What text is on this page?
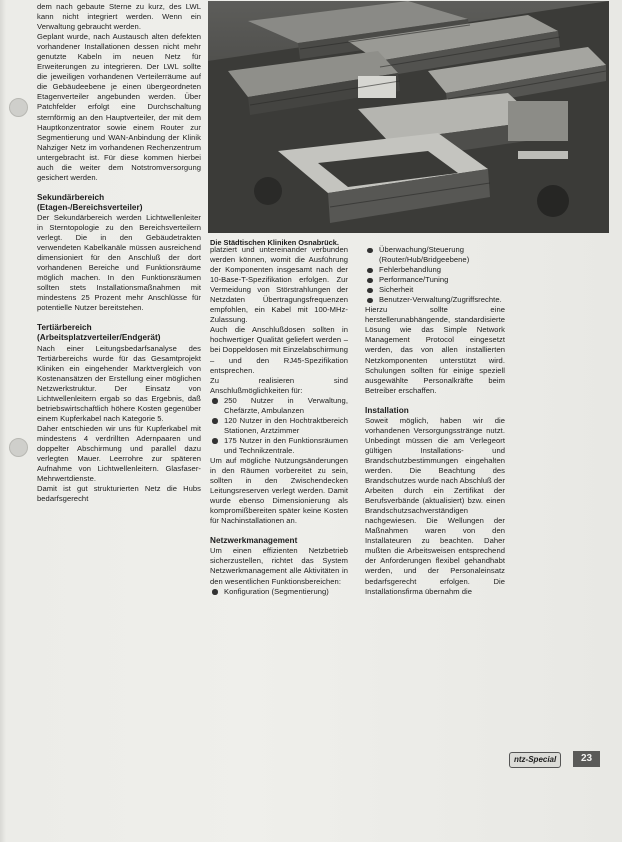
dem nach gebaute Sterne zu kurz, des LWL kann nicht integriert werden. Wenn ein Verwaltung gebraucht werden.

Geplant wurde, nach Austausch alten defekten vorhandener Installationen dessen nicht mehr genutzte Kabeln im neuen Netz für Erweiterungen zu integrieren. Der LWL sollte die jeweiligen vorhandenen Verteilerräume auf die Gebäudeebene je einen übergeordneten Etagenverteiler angebunden werden. Über Patchfelder erfolgt eine Durchschaltung sternförmig an den Hauptverteiler, der mit dem Hauptkonzentrator sowie einem Router zur Segmentierung und WAN-Anbindung der Klinik Nahziger Netz im vorhandenen Rechenzentrum untergebracht ist. Für diese kommen hierbei auch die weiter dem Notstromversorgung gesichert werden.

Sekundärbereich (Etagen-/Bereichsverteiler)

Der Sekundärbereich werden Lichtwellenleiter in Sterntopologie zu den Bereichsverteilern verlegt. Die in den Gebäudetrakten verwendeten Kabelkanäle müssen ausreichend dimensioniert für den Anschluß der dort vorhandenen Bereiche und Funktionsräume möglich machen. In den Funktionsräumen sollten stets Installationsmaßnahmen mit mindestens 25 Prozent mehr Anschlüsse für potentielle Nutzer bereitstehen.

Tertiärbereich (Arbeitsplatzverteiler/Endgerät)

Nach einer Leitungsbedarfsanalyse des Tertiärbereichs wurde für das Gesamtprojekt Kliniken ein eingehender Marktvergleich von Kostenansätzen der Erstellung einer möglichen Netzwerkstruktur. Der Einsatz von Lichtwellenleitern ergab so das Ergebnis, daß betriebswirtschaftlich höhere Kosten gegenüber einem Kupferkabel nach Kategorie 5.

Daher entschieden wir uns für Kupferkabel mit mindestens 4 verdrillten Adernpaaren und doppelter Abschirmung und parallel dazu verlegten Mauer. Leerrohre zur späteren Aufnahme von Lichtwellenleitern. Glasfaser-Mehrwertdienste.

Damit ist gut strukturierten Netz die Hubs bedarfsgerecht

Die Städtischen Kliniken Osnabrück.

platziert und untereinander verbunden werden können, womit die Ausführung der Komponenten insgesamt nach der 10-Base-T-Spezifikation erfolgen. Zur Vermeidung von Störstrahlungen der Netzdaten Übertragungsfrequenzen empfohlen, ein Kabel mit 100-MHz-Zulassung.

Auch die Anschlußdosen sollten in hochwertiger Qualität geliefert werden – bei Doppeldosen mit Einzelabschirmung – und den RJ45-Spezifikation entsprechen.

Zu realisieren sind Anschlußmöglichkeiten für:

250 Nutzer in Verwaltung, Chefärzte, Ambulanzen
120 Nutzer in den Hochtraktbereich Stationen, Arztzimmer
175 Nutzer in den Funktionsräumen und Technikzentrale.

Um auf mögliche Nutzungsänderungen in den Räumen vorbereitet zu sein, sollten in den Zwischendecken Leitungsreserven verlegt werden. Damit wurde ebenso Dimensionierung als kompromißbereiten später keine Kosten für Nachinstallationen an.

Netzwerkmanagement

Um einen effizienten Netzbetrieb sicherzustellen, richtet das System Netzwerkmanagement alle Aktivitäten in den wesentlichen Funktionsbereichen:

Konfiguration (Segmentierung)
Überwachung/Steuerung (Router/Hub/Bridgeebene)
Fehlerbehandlung
Performance/Tuning
Sicherheit
Benutzer-Verwaltung/Zugriffsrechte.

Hierzu sollte eine herstellerunabhängende, standardisierte Lösung wie das Simple Network Management Protocol eingesetzt werden, das von allen installierten Netzkomponenten unterstützt wird. Schulungen sollten für einige speziell ausgewählte Personalkräfte beim Betreiber erschaffen.

Installation

Soweit möglich, haben wir die vorhandenen Versorgungsstränge nutzt. Unbedingt müssen die am Verlegeort gültigen Installations- und Brandschutzbestimmungen eingehalten werden. Die Beachtung des Brandschutzes wurde nach Abschluß der Arbeiten durch ein Zertifikat der Berufsverbände (aktualisiert) bzw. einen Brandschutzsachverständigen nachgewiesen. Die Wellungen der Maßnahmen waren von den Installateuren zu beachten. Daher mußten die Arbeitsweisen entsprechend der Anforderungen flexibel gehandhabt werden, und der Personaleinsatz bedarfsgerecht erfolgen. Die Installationsfirma übernahm die

ntz-Special	23
